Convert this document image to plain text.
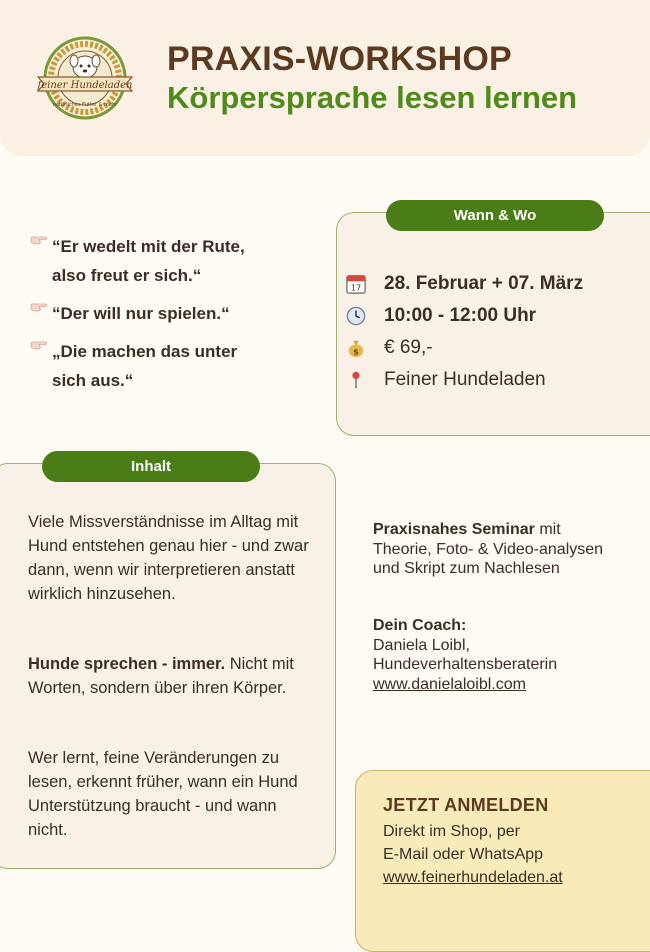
feiner Hundeladen
natürliches Futter & mehr
PRAXIS-WORKSHOP
Körpersprache lesen lernen
“Er wedelt mit der Rute, also freut er sich.“
“Der will nur spielen.“
„Die machen das unter sich aus.“
Wann & Wo
17 28. Februar + 07. März
10:00 - 12:00 Uhr
$ € 69,-
Feiner Hundeladen
Inhalt

Viele Missverständnisse im Alltag mit Hund entstehen genau hier - und zwar dann, wenn wir interpretieren anstatt wirklich hinzusehen.

Hunde sprechen - immer. Nicht mit Worten, sondern über ihren Körper.

Wer lernt, feine Veränderungen zu lesen, erkennt früher, wann ein Hund Unterstützung braucht - und wann nicht.

Praxisnahes Seminar mit Theorie, Foto- & Video-analysen und Skript zum Nachlesen

Dein Coach:
Daniela Loibl,
Hundeverhaltensberaterin
www.danielaloibl.com

JETZT ANMELDEN

Direkt im Shop, per

E-Mail oder WhatsApp

www.feinerhundeladen.at
